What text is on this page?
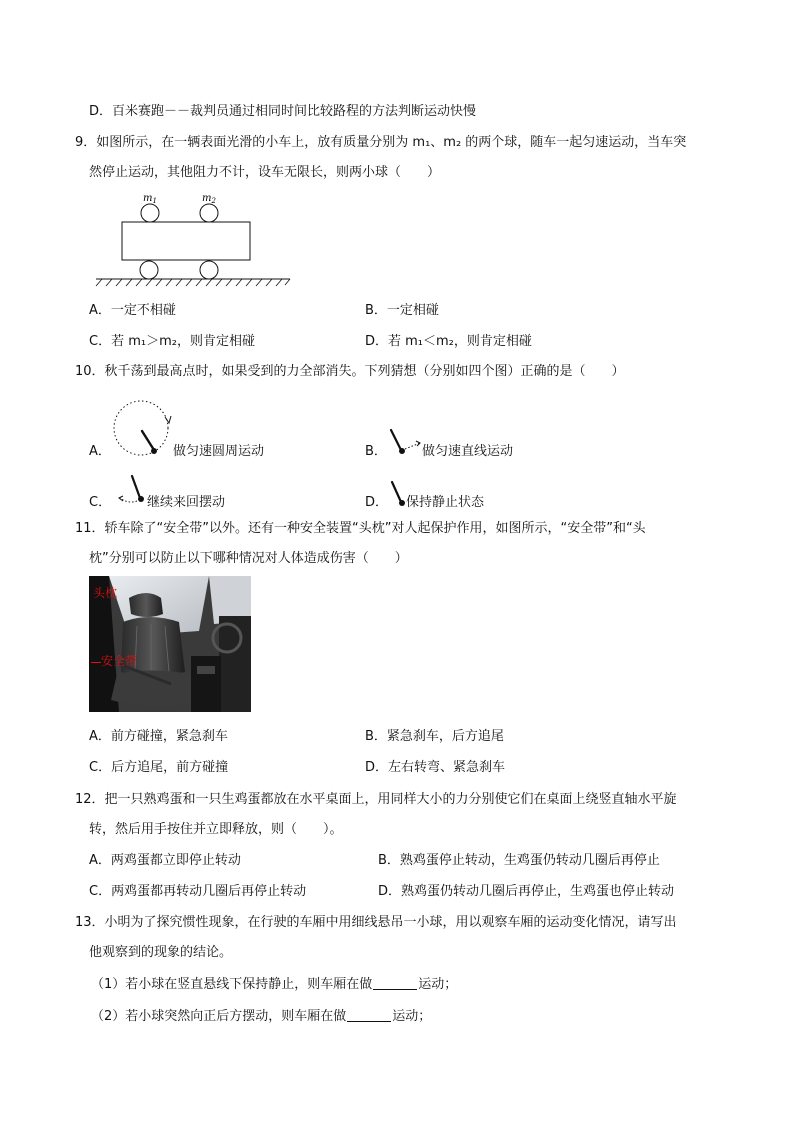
D．百米赛跑－－裁判员通过相同时间比较路程的方法判断运动快慢
9．如图所示，在一辆表面光滑的小车上，放有质量分别为 m₁、m₂ 的两个球，随车一起匀速运动，当车突
然停止运动，其他阻力不计，设车无限长，则两小球（　　）
$m_1$	$m_2$
A．一定不相碰	B．一定相碰
C．若 m₁＞m₂，则肯定相碰	D．若 m₁＜m₂，则肯定相碰
10．秋千荡到最高点时，如果受到的力全部消失。下列猜想（分别如四个图）正确的是（　　）
A．	做匀速圆周运动	B．	做匀速直线运动
C．	继续来回摆动	D． 保持静止状态
11．轿车除了“安全带”以外。还有一种安全装置“头枕”对人起保护作用，如图所示，“安全带”和“头
枕”分别可以防止以下哪种情况对人体造成伤害（　　）
头枕
安全带
A．前方碰撞，紧急刹车	B．紧急刹车，后方追尾
C．后方追尾，前方碰撞	D．左右转弯、紧急刹车
12．把一只熟鸡蛋和一只生鸡蛋都放在水平桌面上，用同样大小的力分别使它们在桌面上绕竖直轴水平旋
转，然后用手按住并立即释放，则（　　）。
A．两鸡蛋都立即停止转动	B．熟鸡蛋停止转动，生鸡蛋仍转动几圈后再停止
C．两鸡蛋都再转动几圈后再停止转动	D．熟鸡蛋仍转动几圈后再停止，生鸡蛋也停止转动
13．小明为了探究惯性现象，在行驶的车厢中用细线悬吊一小球，用以观察车厢的运动变化情况，请写出
他观察到的现象的结论。
（1）若小球在竖直悬线下保持静止，则车厢在做	运动；
（2）若小球突然向正后方摆动，则车厢在做	运动；
